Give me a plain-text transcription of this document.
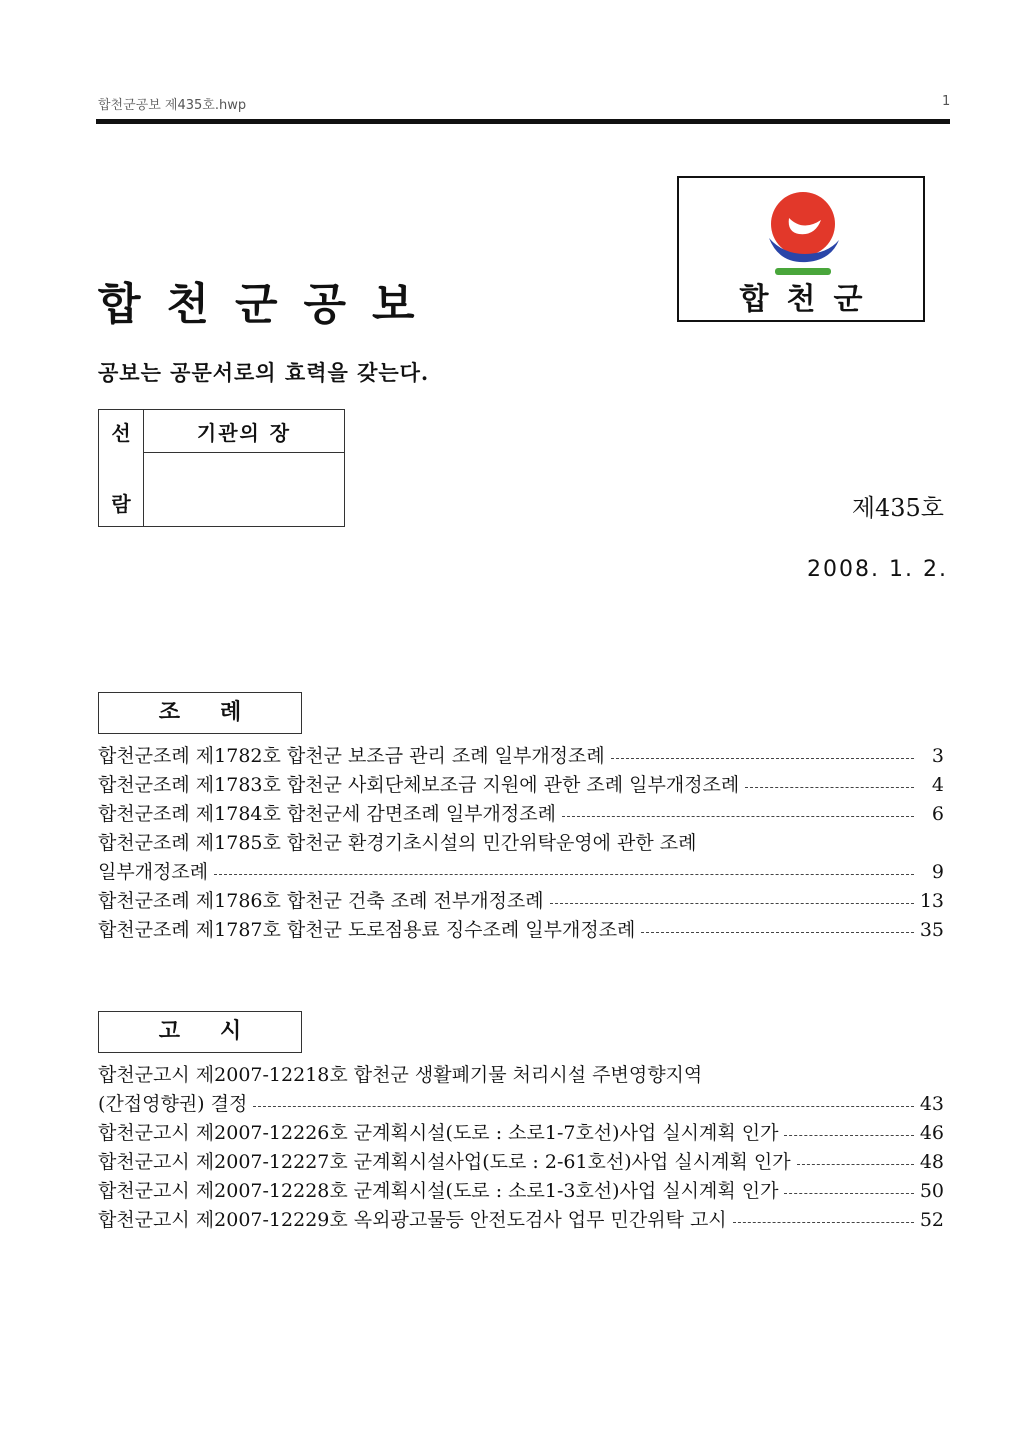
합천군공보 제435호.hwp	1
합천군공보
공보는 공문서로의 효력을 갖는다.
합천군
선
람
	기관의 장

제435호
2008. 1. 2.
조례
합천군조례 제1782호 합천군 보조금 관리 조례 일부개정조례	3
합천군조례 제1783호 합천군 사회단체보조금 지원에 관한 조례 일부개정조례	4
합천군조례 제1784호 합천군세 감면조례 일부개정조례	6
합천군조례 제1785호 합천군 환경기초시설의 민간위탁운영에 관한 조례
일부개정조례	9
합천군조례 제1786호 합천군 건축 조례 전부개정조례	13
합천군조례 제1787호 합천군 도로점용료 징수조례 일부개정조례	35
고시
합천군고시 제2007-12218호 합천군 생활폐기물 처리시설 주변영향지역
(간접영향권) 결정	43
합천군고시 제2007-12226호 군계획시설(도로 : 소로1-7호선)사업 실시계획 인가	46
합천군고시 제2007-12227호 군계획시설사업(도로 : 2-61호선)사업 실시계획 인가	48
합천군고시 제2007-12228호 군계획시설(도로 : 소로1-3호선)사업 실시계획 인가	50
합천군고시 제2007-12229호 옥외광고물등 안전도검사 업무 민간위탁 고시	52
